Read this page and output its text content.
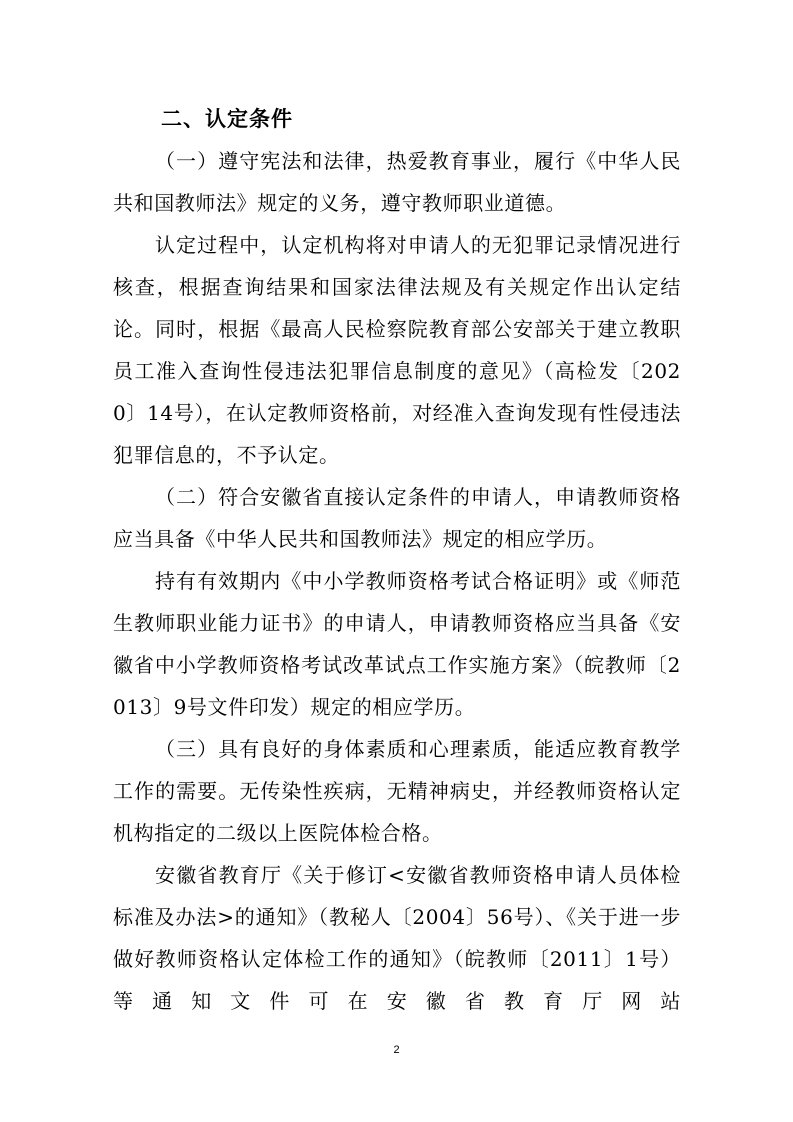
二、认定条件

（一）遵守宪法和法律，热爱教育事业，履行《中华人民共和国教师法》规定的义务，遵守教师职业道德。

认定过程中，认定机构将对申请人的无犯罪记录情况进行核查，根据查询结果和国家法律法规及有关规定作出认定结论。同时，根据《最高人民检察院教育部公安部关于建立教职员工准入查询性侵违法犯罪信息制度的意见》（高检发〔2020〕14号），在认定教师资格前，对经准入查询发现有性侵违法犯罪信息的，不予认定。

（二）符合安徽省直接认定条件的申请人，申请教师资格应当具备《中华人民共和国教师法》规定的相应学历。

持有有效期内《中小学教师资格考试合格证明》或《师范生教师职业能力证书》的申请人，申请教师资格应当具备《安徽省中小学教师资格考试改革试点工作实施方案》（皖教师〔2013〕9号文件印发）规定的相应学历。

（三）具有良好的身体素质和心理素质，能适应教育教学工作的需要。无传染性疾病，无精神病史，并经教师资格认定机构指定的二级以上医院体检合格。

安徽省教育厅《关于修订<安徽省教师资格申请人员体检标准及办法>的通知》（教秘人〔2004〕56号）、《关于进一步做好教师资格认定体检工作的通知》（皖教师〔2011〕1号）等通知文件可在安徽省教育厅网站

2
